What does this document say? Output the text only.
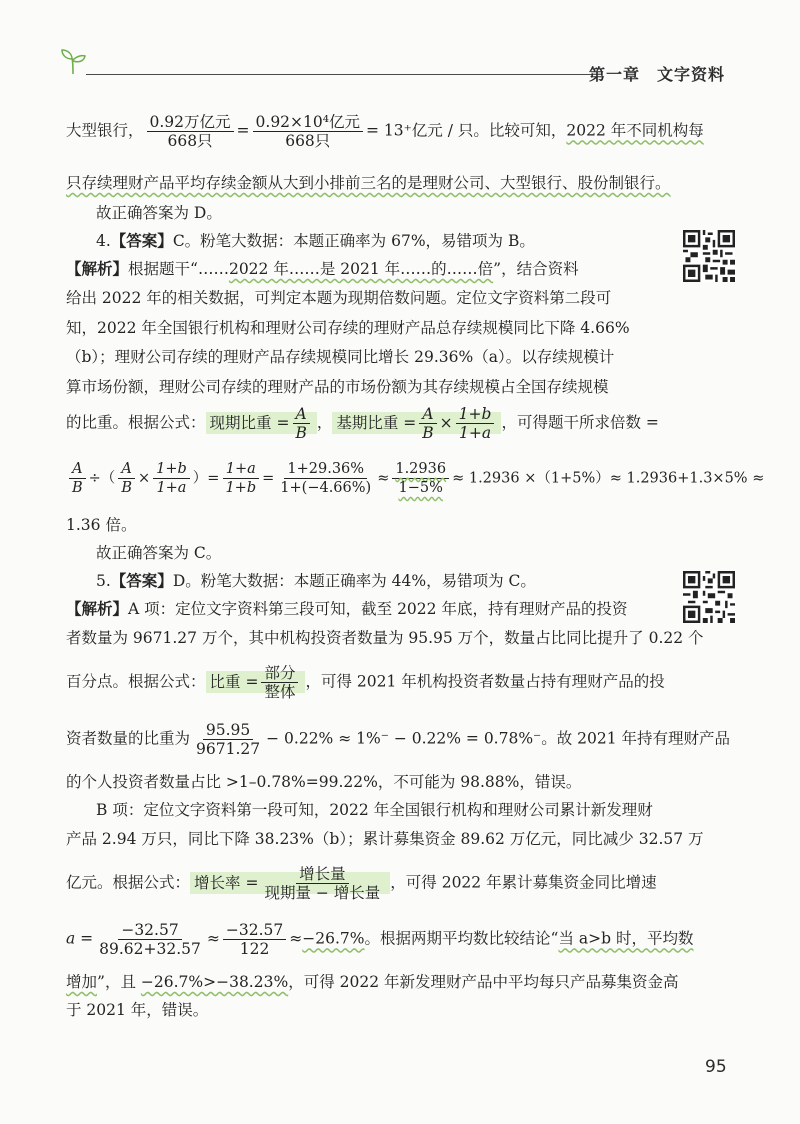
第一章　文字资料
大型银行， $\frac{\text{0.92万亿元}}{\text{668只}} = \frac{\text{0.92×10⁴亿元}}{\text{668只}} = 13^+$亿元 / 只。比较可知，2022 年不同机构每
只存续理财产品平均存续金额从大到小排前三名的是理财公司、大型银行、股份制银行。
故正确答案为 D。
4.【答案】C。粉笔大数据：本题正确率为 67%，易错项为 B。
【解析】根据题干“……2022 年……是 2021 年……的……倍”，结合资料
给出 2022 年的相关数据，可判定本题为现期倍数问题。定位文字资料第二段可
知，2022 年全国银行机构和理财公司存续的理财产品总存续规模同比下降 4.66%
（b）；理财公司存续的理财产品存续规模同比增长 29.36%（a）。以存续规模计
算市场份额，理财公司存续的理财产品的市场份额为其存续规模占全国存续规模
的比重。根据公式： 现期比重 = $\frac{A}{B}$ ， 基期比重 = $\frac{A}{B} \times \frac{1+b}{1+a}$ ，可得题干所求倍数 =
$\frac{A}{B}$ ÷（ $\frac{A}{B} \times \frac{1+b}{1+a}$ ）= $\frac{1+a}{1+b} = \frac{1+29.36\%}{1+(-4.66\%)} \approx \frac{1.2936}{1-5\%} \approx 1.2936 \times(1+5\%)\approx 1.2936+1.3\times 5\%$ ≈
1.36 倍。
故正确答案为 C。
5.【答案】D。粉笔大数据：本题正确率为 44%，易错项为 C。
【解析】A 项：定位文字资料第三段可知，截至 2022 年底，持有理财产品的投资
者数量为 9671.27 万个，其中机构投资者数量为 95.95 万个，数量占比同比提升了 0.22 个
百分点。根据公式： 比重 = $\frac{\text{部分}}{\text{整体}}$ ，可得 2021 年机构投资者数量占持有理财产品的投
资者数量的比重为 $\frac{95.95}{9671.27} - 0.22\% \approx 1\%^- - 0.22\% = 0.78\%^-$。故 2021 年持有理财产品
的个人投资者数量占比 >1–0.78%=99.22%，不可能为 98.88%，错误。
B 项：定位文字资料第一段可知，2022 年全国银行机构和理财公司累计新发理财
产品 2.94 万只，同比下降 38.23%（b）；累计募集资金 89.62 万亿元，同比减少 32.57 万
亿元。根据公式： 增长率 = $\frac{\text{增长量}}{\text{现期量 − 增长量}}$ ，可得 2022 年累计募集资金同比增速
$a = \frac{-32.57}{89.62+32.57} \approx \frac{-32.57}{122} \approx-26.7\%$。根据两期平均数比较结论“当 a>b 时，平均数
增加”，且 −26.7%>−38.23%，可得 2022 年新发理财产品中平均每只产品募集资金高
于 2021 年，错误。
95
